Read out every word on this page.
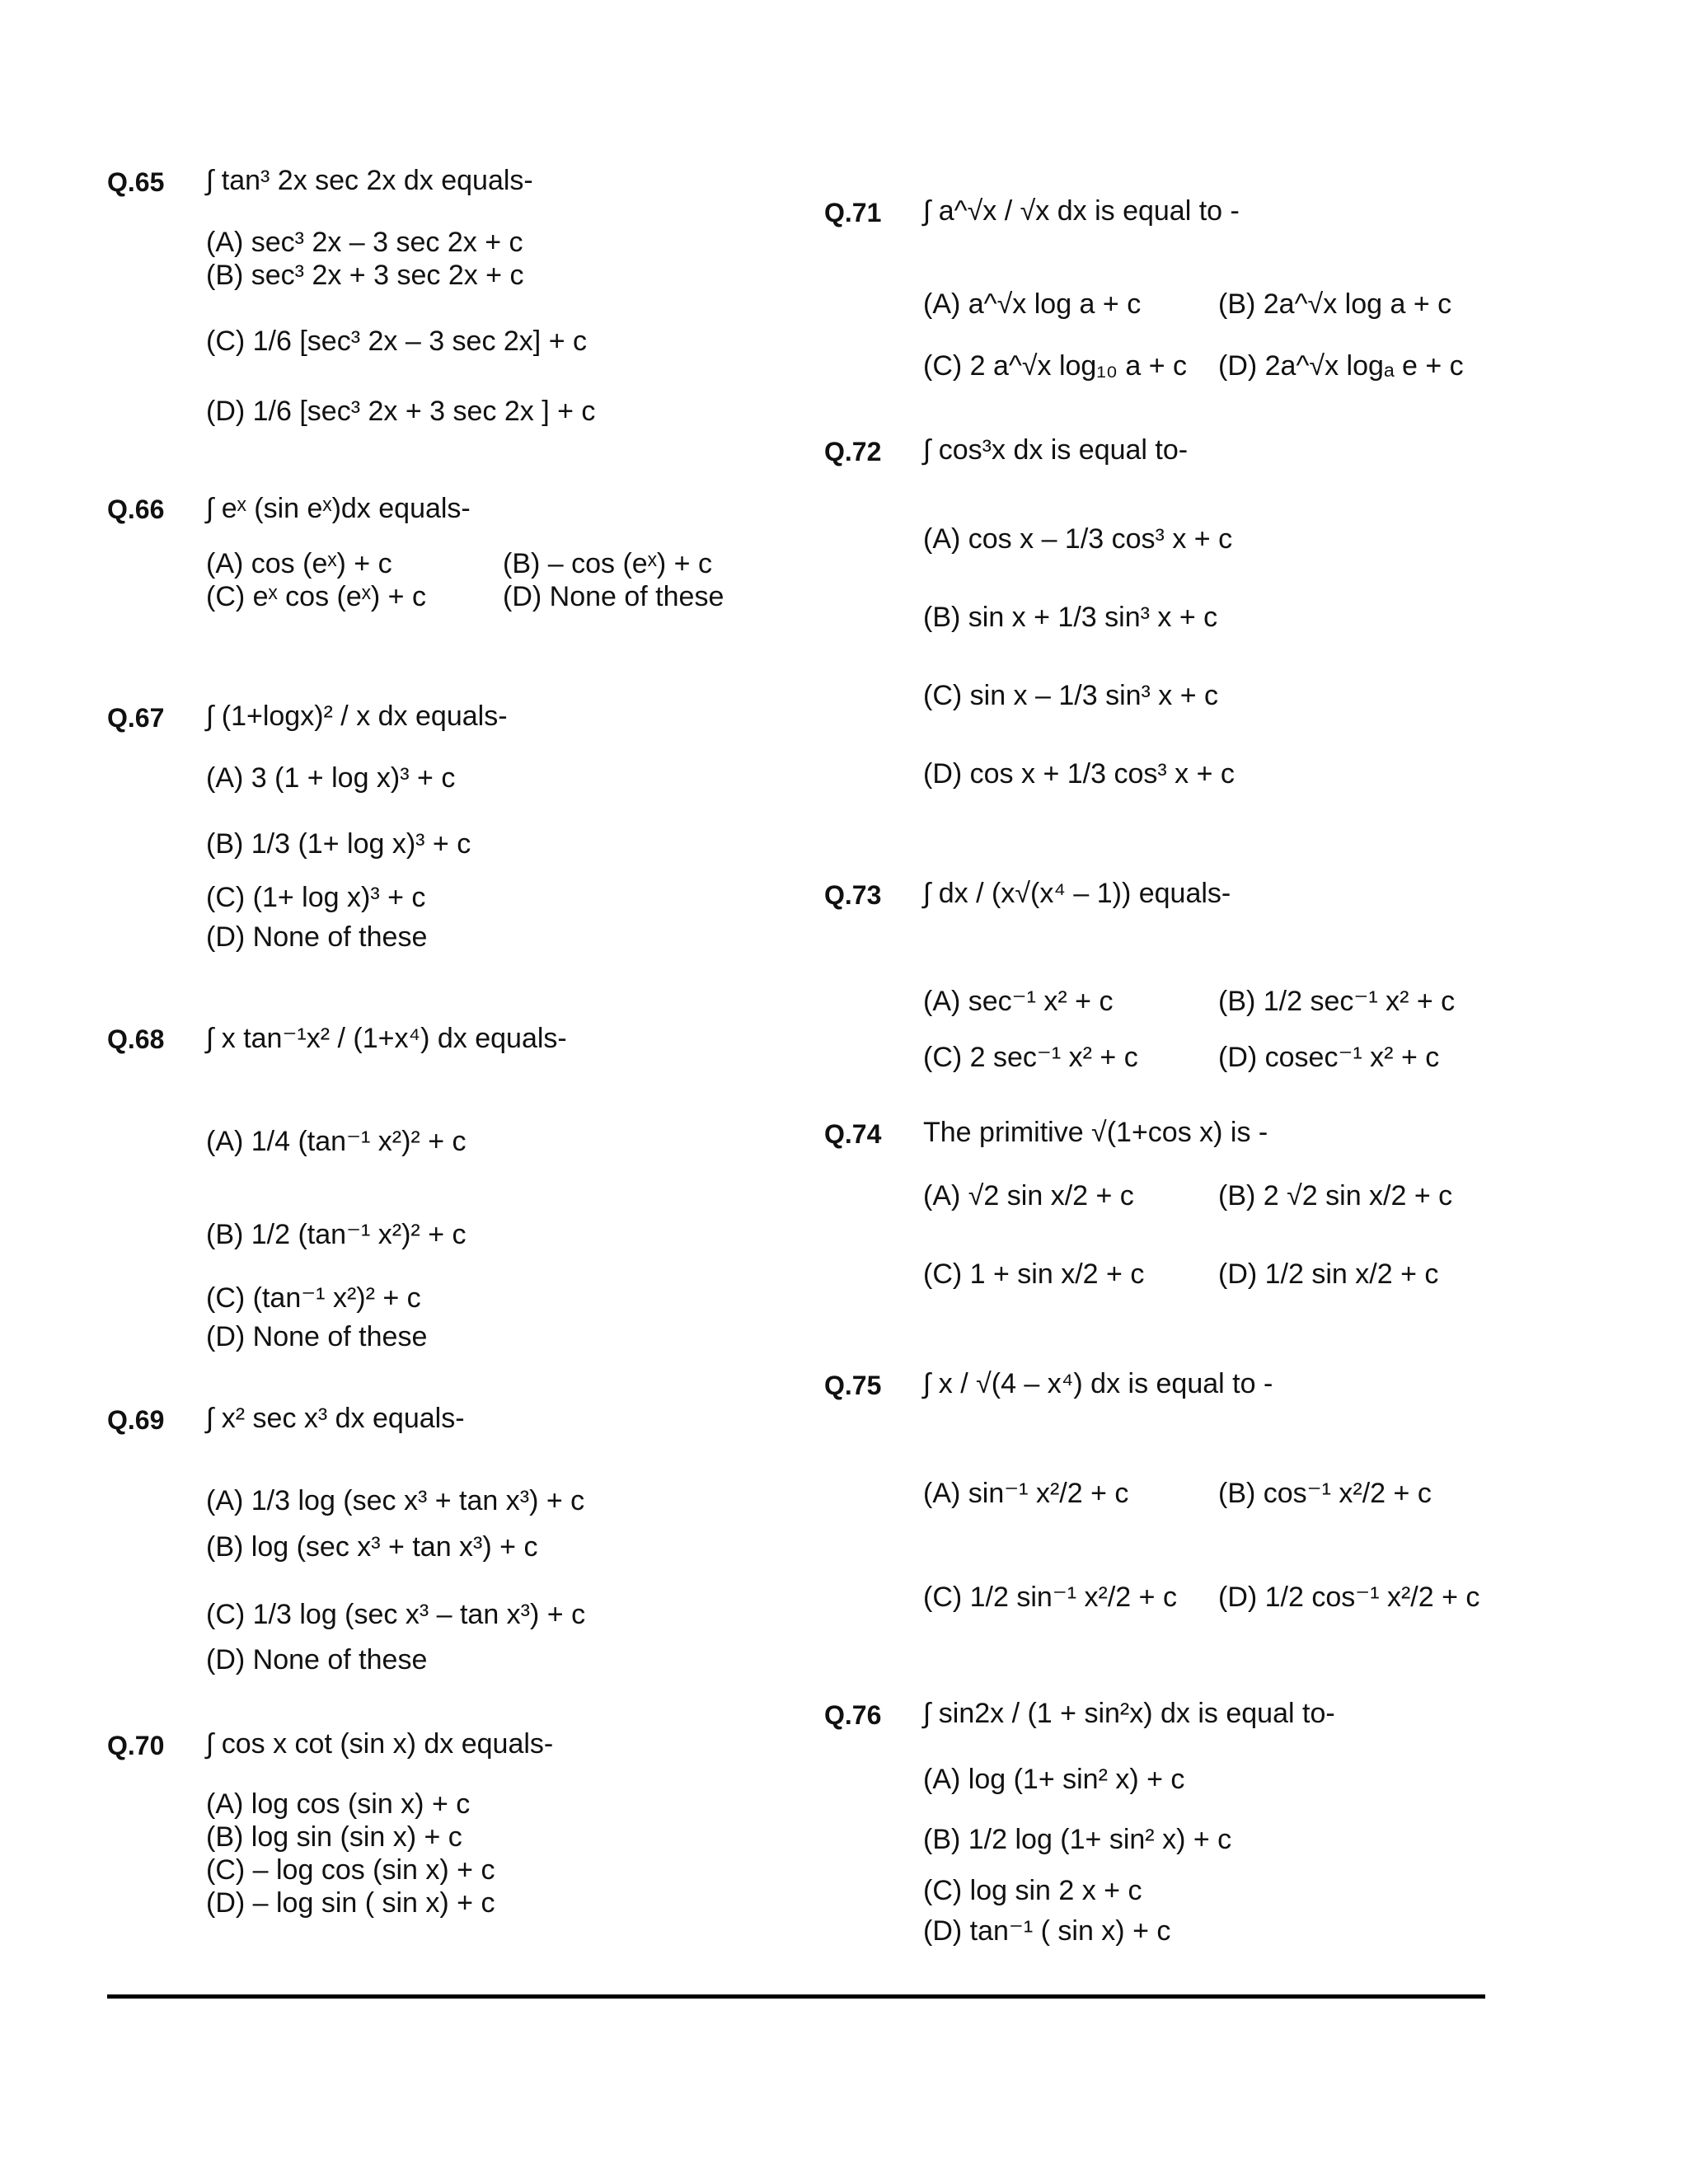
Q.65 ∫ tan³ 2x sec 2x dx equals-
(A) sec³ 2x – 3 sec 2x + c
(B) sec³ 2x + 3 sec 2x + c
(C) 1/6 [sec³ 2x – 3 sec 2x] + c
(D) 1/6 [sec³ 2x + 3 sec 2x ] + c
Q.66 ∫ eˣ (sin eˣ)dx equals-
(A) cos (eˣ) + c	(B) – cos (eˣ) + c
(C) eˣ cos (eˣ) + c	(D) None of these
Q.67 ∫ (1+logx)² / x dx equals-
(A) 3 (1 + log x)³ + c
(B) 1/3 (1+ log x)³ + c
(C) (1+ log x)³ + c
(D) None of these
Q.68 ∫ x tan⁻¹x² / (1+x⁴) dx equals-
(A) 1/4 (tan⁻¹ x²)² + c
(B) 1/2 (tan⁻¹ x²)² + c
(C) (tan⁻¹ x²)² + c
(D) None of these
Q.69 ∫ x² sec x³ dx equals-
(A) 1/3 log (sec x³ + tan x³) + c
(B) log (sec x³ + tan x³) + c
(C) 1/3 log (sec x³ – tan x³) + c
(D) None of these
Q.70 ∫ cos x cot (sin x) dx equals-
(A) log cos (sin x) + c
(B) log sin (sin x) + c
(C) – log cos (sin x) + c
(D) – log sin ( sin x) + c
Q.71 ∫ a^√x / √x dx is equal to -
(A) a^√x log a + c	(B) 2a^√x log a + c
(C) 2 a^√x log₁₀ a + c (D) 2a^√x logₐ e + c
Q.72 ∫ cos³x dx is equal to-
(A) cos x – 1/3 cos³ x + c
(B) sin x + 1/3 sin³ x + c
(C) sin x – 1/3 sin³ x + c
(D) cos x + 1/3 cos³ x + c
Q.73 ∫ dx / (x√(x⁴ – 1)) equals-
(A) sec⁻¹ x² + c	(B) 1/2 sec⁻¹ x² + c
(C) 2 sec⁻¹ x² + c	(D) cosec⁻¹ x² + c
Q.74 The primitive √(1+cos x) is -
(A) √2 sin x/2 + c	(B) 2 √2 sin x/2 + c
(C) 1 + sin x/2 + c	(D) 1/2 sin x/2 + c
Q.75 ∫ x / √(4 – x⁴) dx is equal to -
(A) sin⁻¹ x²/2 + c	(B) cos⁻¹ x²/2 + c
(C) 1/2 sin⁻¹ x²/2 + c (D) 1/2 cos⁻¹ x²/2 + c
Q.76 ∫ sin2x / (1 + sin²x) dx is equal to-
(A) log (1+ sin² x) + c
(B) 1/2 log (1+ sin² x) + c
(C) log sin 2 x + c
(D) tan⁻¹ ( sin x) + c
